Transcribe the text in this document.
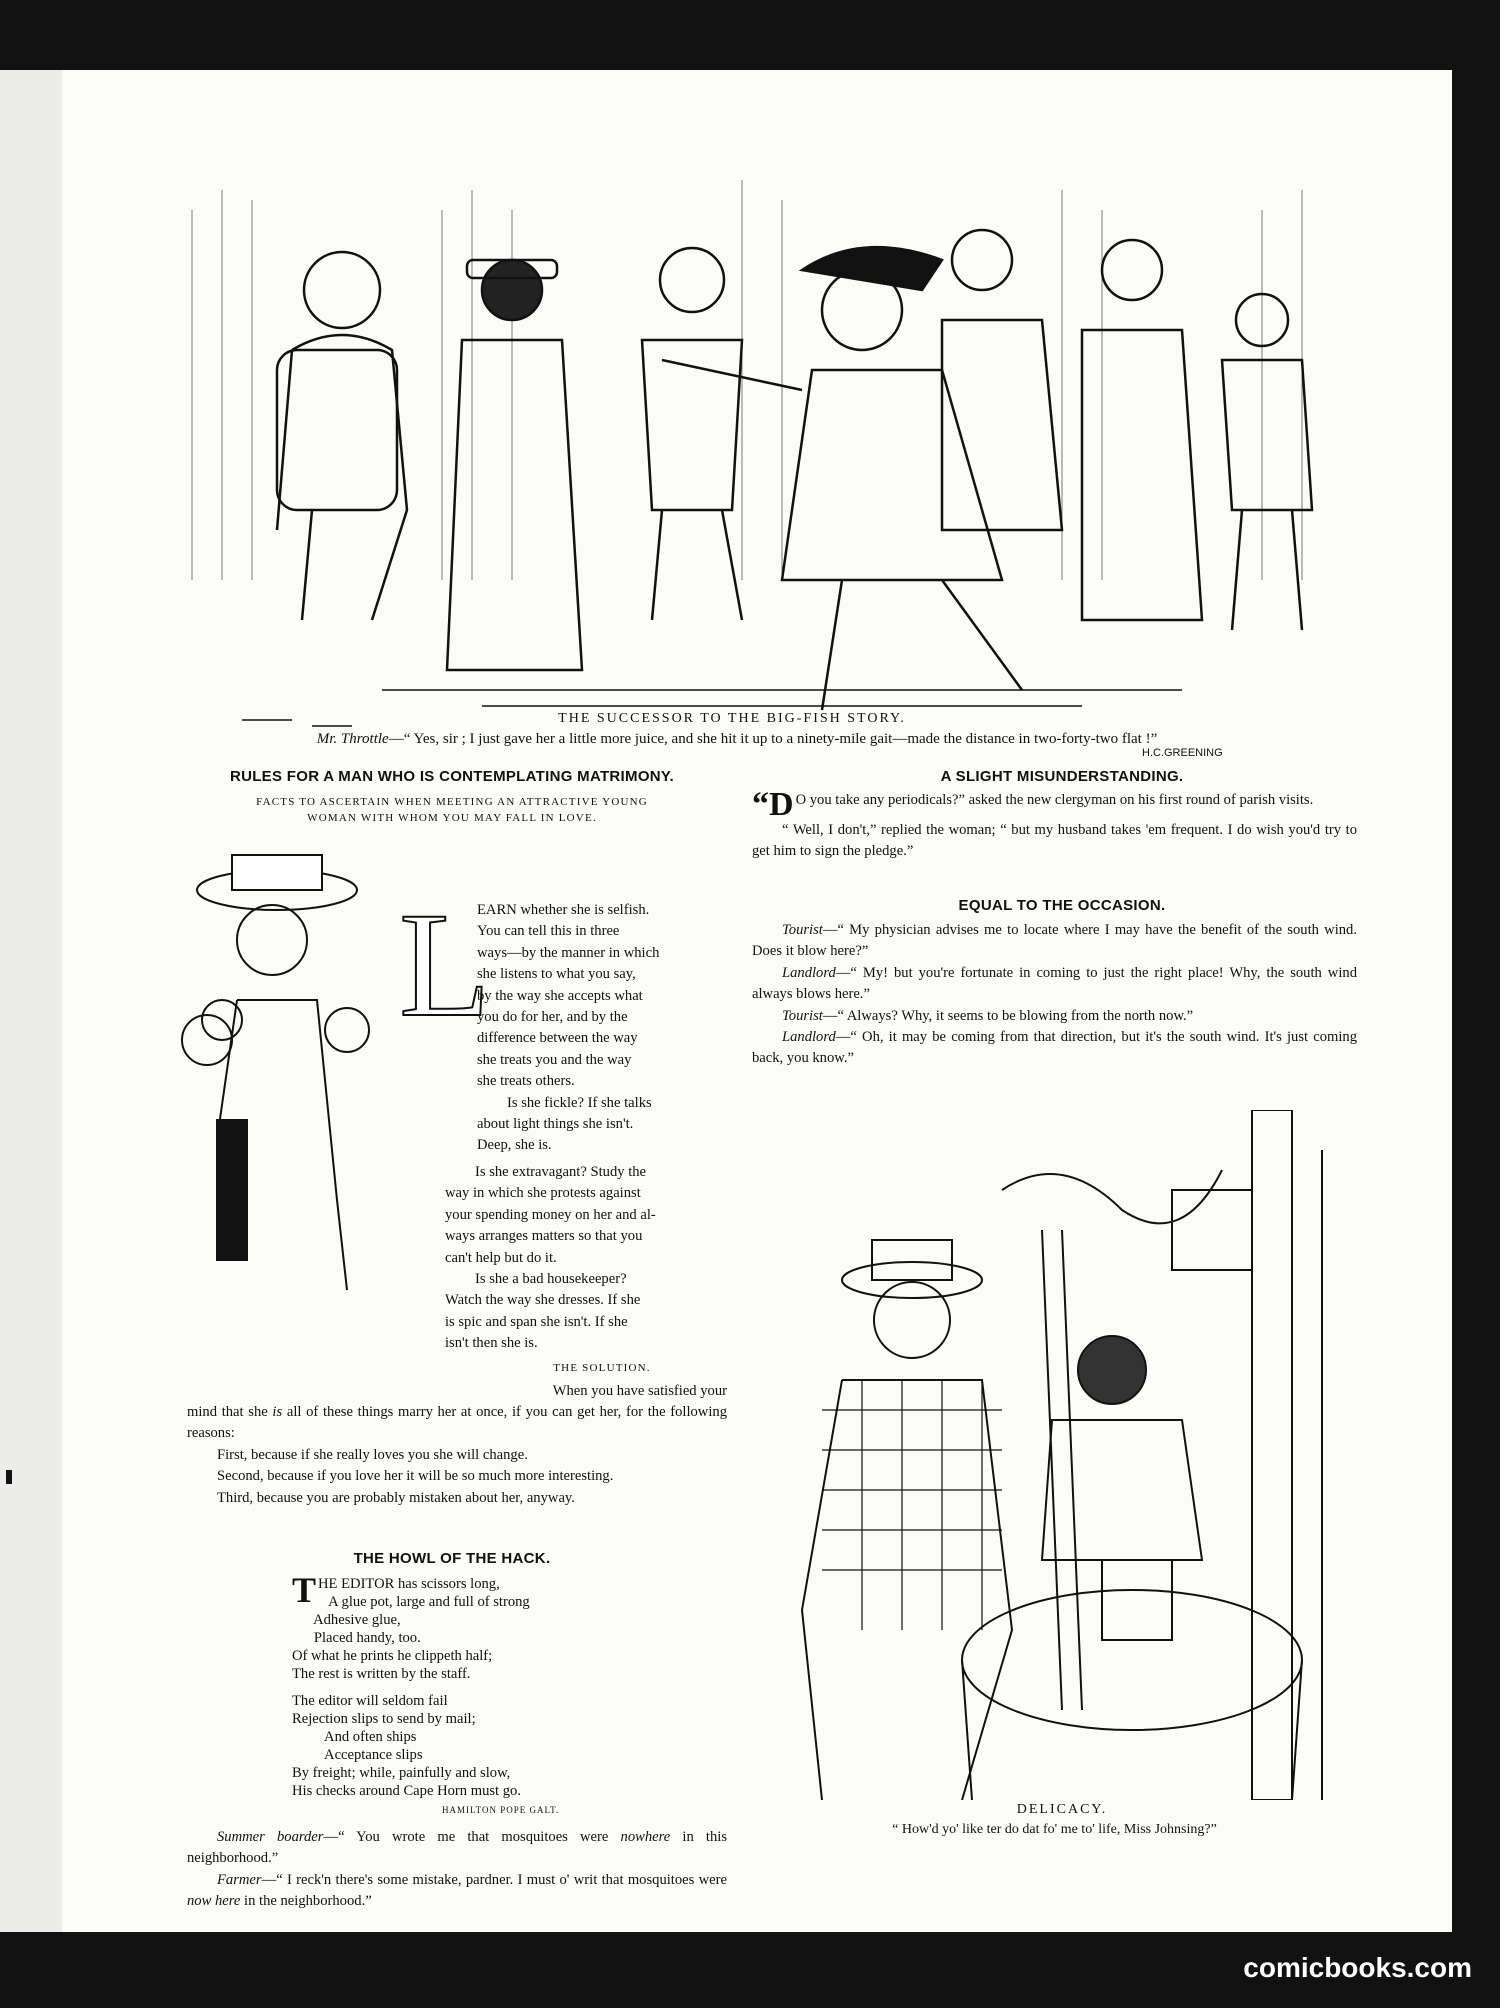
H.C.GREENING
THE SUCCESSOR TO THE BIG-FISH STORY.
Mr. Throttle—“ Yes, sir ; I just gave her a little more juice, and she hit it up to a ninety-mile gait—made the distance in two-forty-two flat !”
RULES FOR A MAN WHO IS CONTEMPLATING MATRIMONY.
FACTS TO ASCERTAIN WHEN MEETING AN ATTRACTIVE YOUNG
WOMAN WITH WHOM YOU MAY FALL IN LOVE.
L
EARN whether she is selfish.
You can tell this in three
ways—by the manner in which
she listens to what you say,
by the way she accepts what
you do for her, and by the
difference between the way
she treats you and the way
she treats others.
Is she fickle? If she talks
about light things she isn't.
Deep, she is.
Is she extravagant? Study the
way in which she protests against
your spending money on her and al-
ways arranges matters so that you
can't help but do it.
Is she a bad housekeeper?
Watch the way she dresses. If she
is spic and span she isn't. If she
isn't then she is.
THE SOLUTION.
When you have satisfied your

mind that she is all of these things marry her at once, if you can get her, for the following reasons:

First, because if she really loves you she will change.

Second, because if you love her it will be so much more interesting.

Third, because you are probably mistaken about her, anyway.

THE HOWL OF THE HACK.
T HE EDITOR has scissors long,
A glue pot, large and full of strong
Adhesive glue,
Placed handy, too.
Of what he prints he clippeth half;
The rest is written by the staff.
The editor will seldom fail
Rejection slips to send by mail;
And often ships
Acceptance slips
By freight; while, painfully and slow,
His checks around Cape Horn must go.
HAMILTON POPE GALT.

Summer boarder—“ You wrote me that mosquitoes were nowhere in this neighborhood.”

Farmer—“ I reck'n there's some mistake, pardner. I must o' writ that mosquitoes were now here in the neighborhood.”

A SLIGHT MISUNDERSTANDING.

“D O you take any periodicals?” asked the new clergyman on his first round of parish visits.

“ Well, I don't,” replied the woman; “ but my husband takes 'em frequent. I do wish you'd try to get him to sign the pledge.”

EQUAL TO THE OCCASION.

Tourist—“ My physician advises me to locate where I may have the benefit of the south wind. Does it blow here?”

Landlord—“ My! but you're fortunate in coming to just the right place! Why, the south wind always blows here.”

Tourist—“ Always? Why, it seems to be blowing from the north now.”

Landlord—“ Oh, it may be coming from that direction, but it's the south wind. It's just coming back, you know.”

DELICACY.
“ How'd yo' like ter do dat fo' me to' life, Miss Johnsing?”
comicbooks.com
